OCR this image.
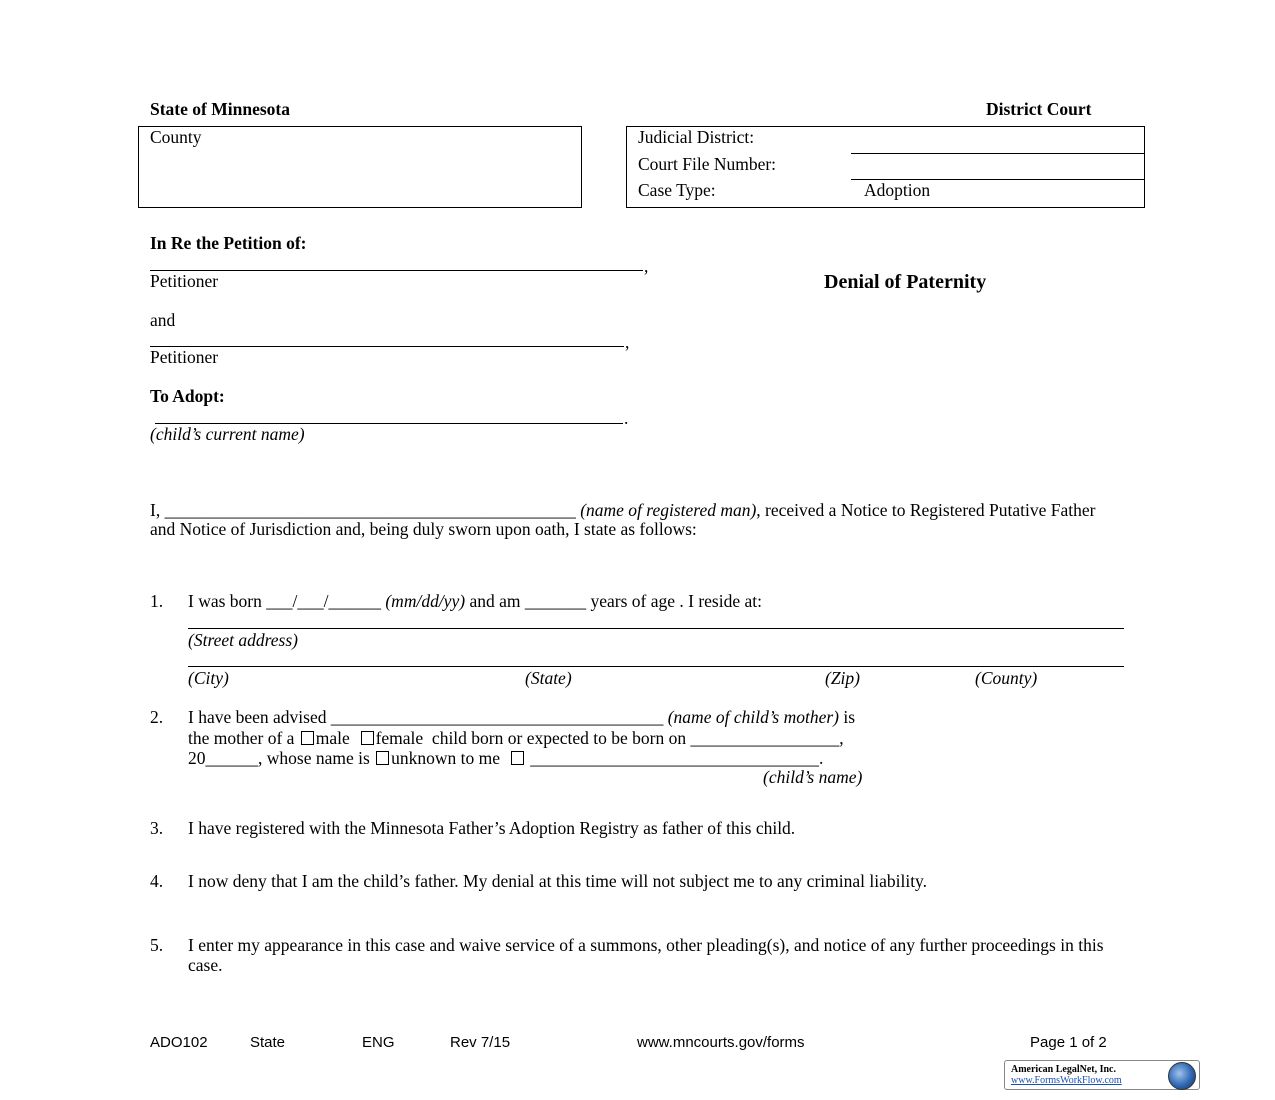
State of Minnesota	District Court
County	Judicial District:
Court File Number:
Case Type:	Adoption
In Re the Petition of:
,
Petitioner
and
,
Petitioner
To Adopt:
.
(child’s current name)
Denial of Paternity
I, _______________________________________________ (name of registered man), received a Notice to Registered Putative Father and Notice of Jurisdiction and, being duly sworn upon oath, I state as follows:
1.	I was born ___/___/______ (mm/dd/yy) and am _______ years of age . I reside at:
(Street address)
(City)	(State)	(Zip)	(County)
2.	I have been advised ______________________________________ (name of child’s mother) is
the mother of a male female child born or expected to be born on _________________,
20______, whose name is unknown to me _________________________________.
(child’s name)
3.	I have registered with the Minnesota Father’s Adoption Registry as father of this child.
4.	I now deny that I am the child’s father. My denial at this time will not subject me to any criminal liability.
5.	I enter my appearance in this case and waive service of a summons, other pleading(s), and notice of any further proceedings in this case.
ADO102	State	ENG	Rev 7/15	www.mncourts.gov/forms	Page 1 of 2
American LegalNet, Inc.
www.FormsWorkFlow.com
